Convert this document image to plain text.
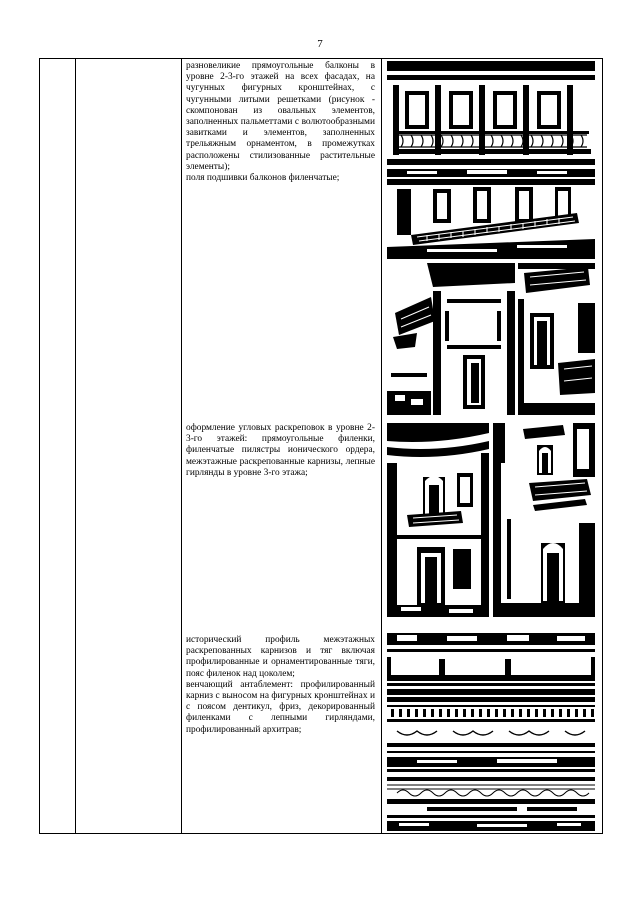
7

разновеликие прямоугольные балконы в уровне 2-3-го этажей на всех фасадах, на чугунных фигурных кронштейнах, с чугунными литыми решетками (рисунок - скомпонован из овальных элементов, заполненных пальметтами с волютообразными завитками и элементов, заполненных трельяжным орнаментом, в промежутках расположены стилизованные растительные элементы);

поля подшивки балконов филенчатые;

оформление угловых раскреповок в уровне 2-3-го этажей: прямоугольные филенки, филенчатые пилястры ионического ордера, межэтажные раскрепованные карнизы, лепные гирлянды в уровне 3-го этажа;

исторический профиль межэтажных раскрепованных карнизов и тяг включая профилированные и орнаментированные тяги, пояс филенок над цоколем;

венчающий антаблемент: профилированный карниз с выносом на фигурных кронштейнах и с поясом дентикул, фриз, декорированный филенками с лепными гирляндами, профилированный архитрав;
